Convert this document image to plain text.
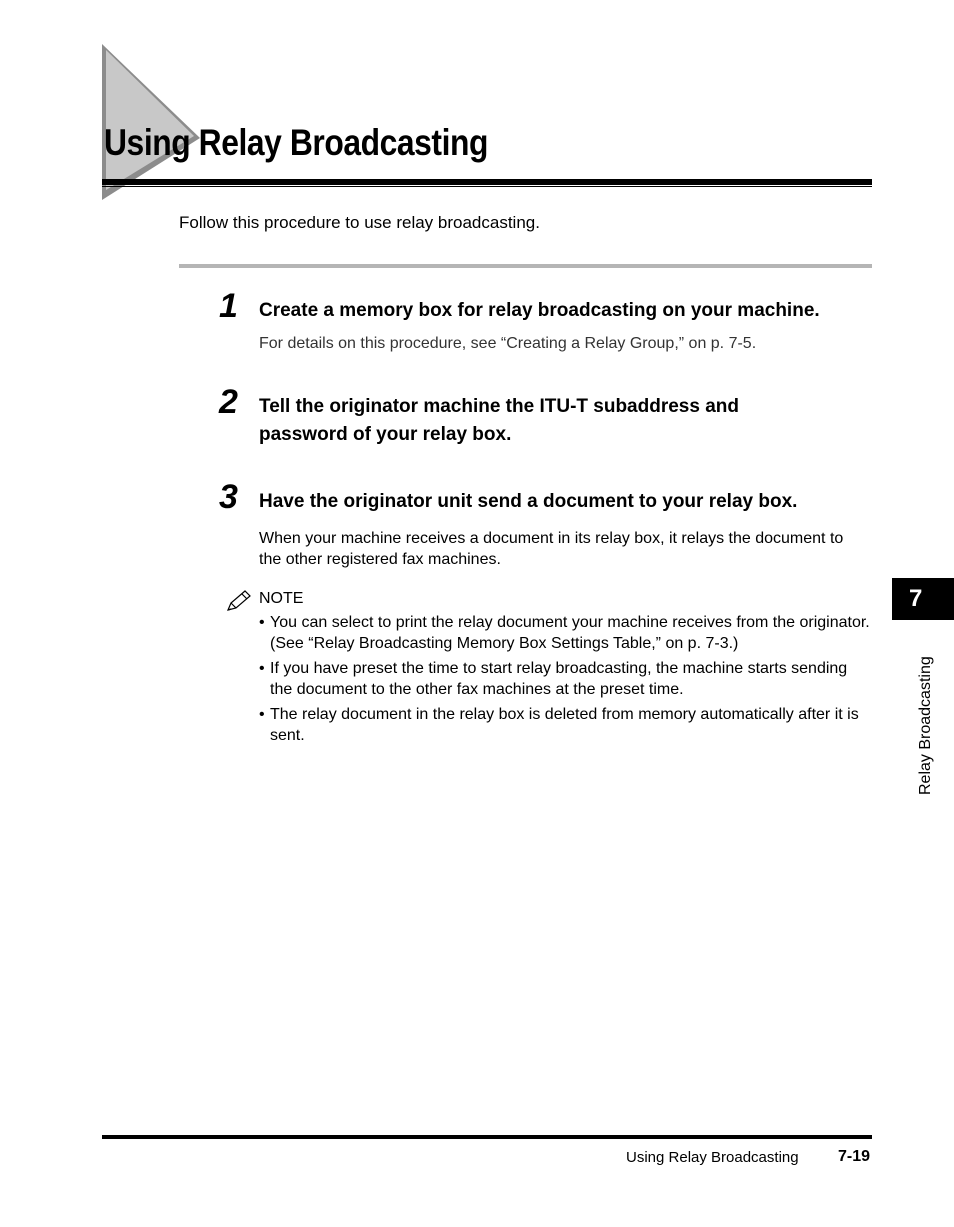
Using Relay Broadcasting
Follow this procedure to use relay broadcasting.
1 Create a memory box for relay broadcasting on your machine.
For details on this procedure, see “Creating a Relay Group,” on p. 7-5.
2 Tell the originator machine the ITU-T subaddress and password of your relay box.
3 Have the originator unit send a document to your relay box.
When your machine receives a document in its relay box, it relays the document to the other registered fax machines.
NOTE
• You can select to print the relay document your machine receives from the originator. (See “Relay Broadcasting Memory Box Settings Table,” on p. 7-3.)
• If you have preset the time to start relay broadcasting, the machine starts sending the document to the other fax machines at the preset time.
• The relay document in the relay box is deleted from memory automatically after it is sent.
7
Relay Broadcasting
Using Relay Broadcasting 7-19
